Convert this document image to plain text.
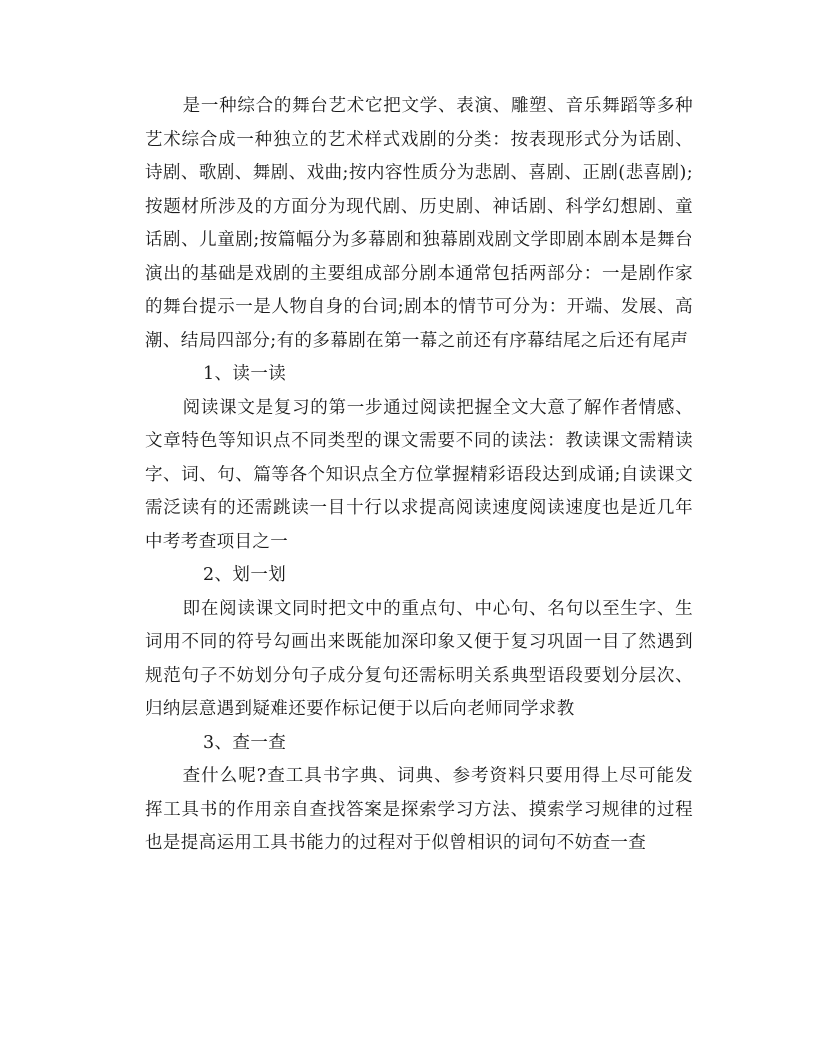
是一种综合的舞台艺术它把文学、表演、雕塑、音乐舞蹈等多种艺术综合成一种独立的艺术样式戏剧的分类：按表现形式分为话剧、诗剧、歌剧、舞剧、戏曲;按内容性质分为悲剧、喜剧、正剧(悲喜剧);按题材所涉及的方面分为现代剧、历史剧、神话剧、科学幻想剧、童话剧、儿童剧;按篇幅分为多幕剧和独幕剧戏剧文学即剧本剧本是舞台演出的基础是戏剧的主要组成部分剧本通常包括两部分：一是剧作家的舞台提示一是人物自身的台词;剧本的情节可分为：开端、发展、高潮、结局四部分;有的多幕剧在第一幕之前还有序幕结尾之后还有尾声

1、读一读

阅读课文是复习的第一步通过阅读把握全文大意了解作者情感、文章特色等知识点不同类型的课文需要不同的读法：教读课文需精读字、词、句、篇等各个知识点全方位掌握精彩语段达到成诵;自读课文需泛读有的还需跳读一目十行以求提高阅读速度阅读速度也是近几年中考考查项目之一

2、划一划

即在阅读课文同时把文中的重点句、中心句、名句以至生字、生词用不同的符号勾画出来既能加深印象又便于复习巩固一目了然遇到规范句子不妨划分句子成分复句还需标明关系典型语段要划分层次、归纳层意遇到疑难还要作标记便于以后向老师同学求教

3、查一查

查什么呢?查工具书字典、词典、参考资料只要用得上尽可能发挥工具书的作用亲自查找答案是探索学习方法、摸索学习规律的过程也是提高运用工具书能力的过程对于似曾相识的词句不妨查一查
